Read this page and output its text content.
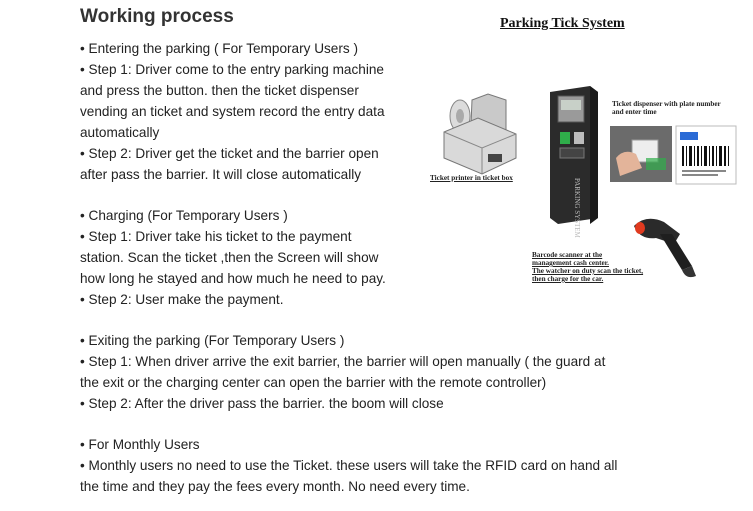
Working process
• Entering the parking ( For Temporary Users )
• Step 1: Driver come to the entry parking machine
and press the button. then the ticket dispenser
vending an ticket and system record the entry data
automatically
• Step 2: Driver get the ticket and the barrier open
after pass the barrier. It will close automatically
• Charging (For Temporary Users )
• Step 1: Driver take his ticket to the payment
station. Scan the ticket ,then the Screen will show
how long he stayed and how much he need to pay.
• Step 2: User make the payment.
• Exiting the parking (For Temporary Users )
• Step 1: When driver arrive the exit barrier, the barrier will open manually ( the guard at
the exit or the charging center can open the barrier with the remote controller)
• Step 2: After the driver pass the barrier. the boom will close
• For Monthly Users
• Monthly users no need to use the Ticket. these users will take the RFID card on hand all
the time and they pay the fees every month. No need every time.
Parking Tick System
PARKING SYSTEM
Ticket dispenser with plate number
and enter time
Ticket printer in ticket box
Barcode scanner at the
management cash center.
The watcher on duty scan the ticket,
then charge for the car.
